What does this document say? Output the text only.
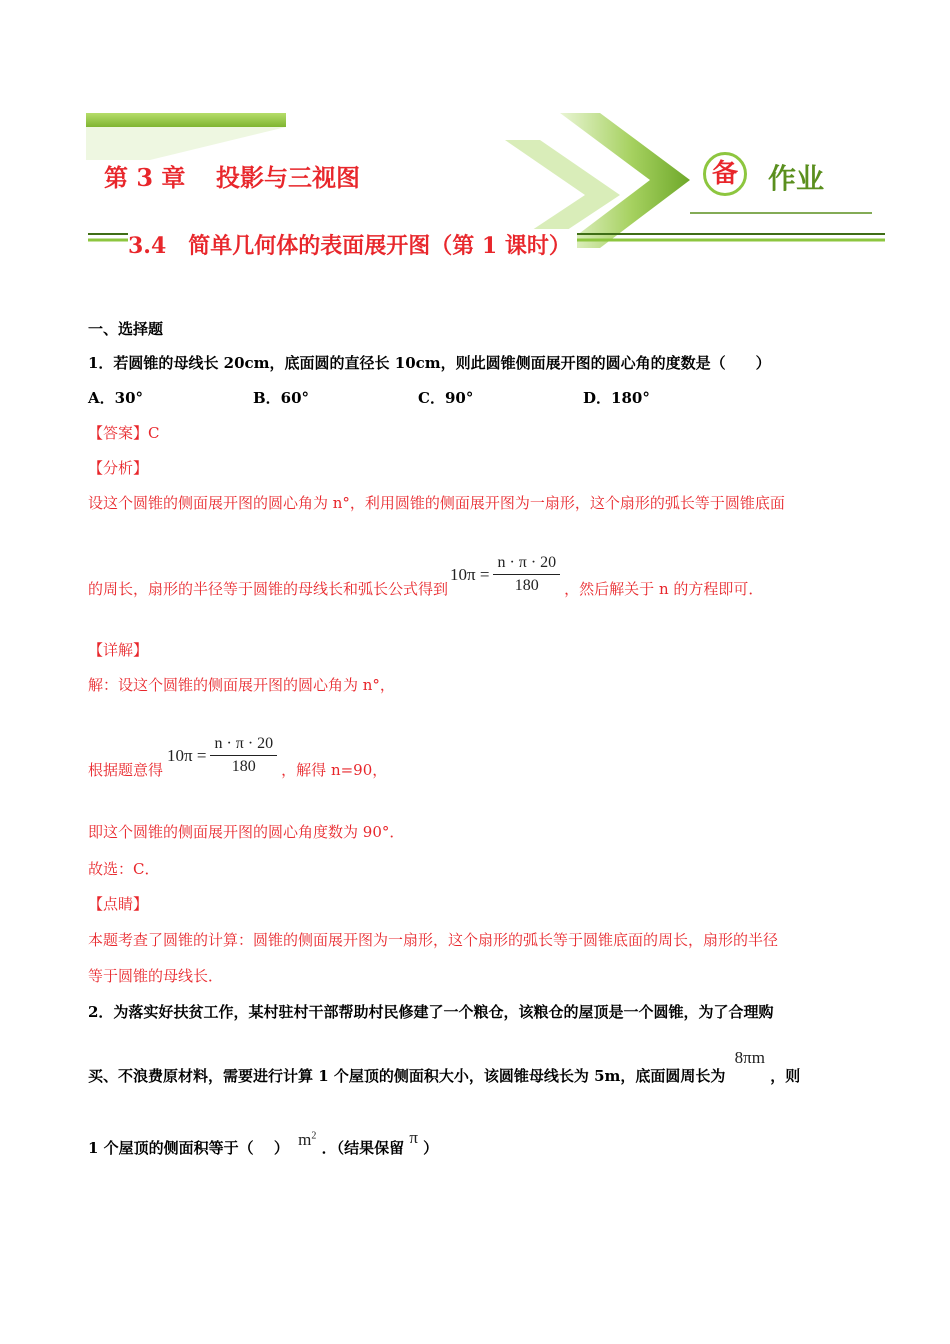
第 3 章 投影与三视图	备	作业
3.4　简单几何体的表面展开图（第 1 课时）
一、选择题
1．若圆锥的母线长 20cm，底面圆的直径长 10cm，则此圆锥侧面展开图的圆心角的度数是（　　）
A．30°	B．60°	C．90°	D．180°
【答案】C
【分析】
设这个圆锥的侧面展开图的圆心角为 n°，利用圆锥的侧面展开图为一扇形，这个扇形的弧长等于圆锥底面
的周长，扇形的半径等于圆锥的母线长和弧长公式得到
$10\pi = \frac{n \cdot \pi \cdot 20}{180}$ ，然后解关于 n 的方程即可．
【详解】
解：设这个圆锥的侧面展开图的圆心角为 n°，
根据题意得
$10\pi = \frac{n \cdot \pi \cdot 20}{180}$ ，解得 n=90，
即这个圆锥的侧面展开图的圆心角度数为 90°．
故选：C．
【点睛】
本题考查了圆锥的计算：圆锥的侧面展开图为一扇形，这个扇形的弧长等于圆锥底面的周长，扇形的半径
等于圆锥的母线长．
2．为落实好扶贫工作，某村驻村干部帮助村民修建了一个粮仓，该粮仓的屋顶是一个圆锥，为了合理购
买、不浪费原材料，需要进行计算 1 个屋顶的侧面积大小，该圆锥母线长为 5m，底面圆周长为 8πm ，则
1 个屋顶的侧面积等于（　 ） $m^2$ ．（结果保留 π ）
